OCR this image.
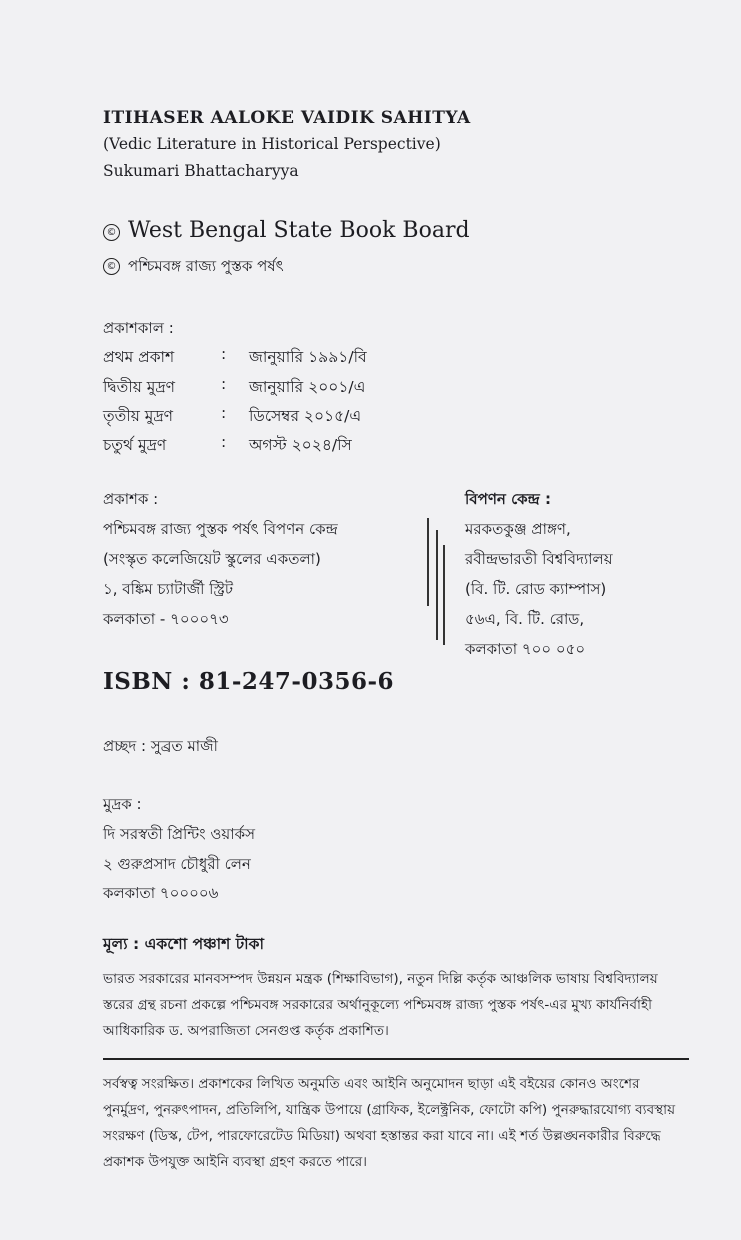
ITIHASER AALOKE VAIDIK SAHITYA
(Vedic Literature in Historical Perspective)
Sukumari Bhattacharyya
© West Bengal State Book Board
© পশ্চিমবঙ্গ রাজ্য পুস্তক পর্ষৎ
প্রকাশকাল :
প্রথম প্রকাশ	: জানুয়ারি ১৯৯১/বি
দ্বিতীয় মুদ্রণ	: জানুয়ারি ২০০১/এ
তৃতীয় মুদ্রণ	: ডিসেম্বর ২০১৫/এ
চতুর্থ মুদ্রণ	: অগস্ট ২০২৪/সি
প্রকাশক :
পশ্চিমবঙ্গ রাজ্য পুস্তক পর্ষৎ বিপণন কেন্দ্র
(সংস্কৃত কলেজিয়েট স্কুলের একতলা)
১, বঙ্কিম চ্যাটার্জী স্ট্রিট
কলকাতা - ৭০০০৭৩
বিপণন কেন্দ্র :
মরকতকুঞ্জ প্রাঙ্গণ,
রবীন্দ্রভারতী বিশ্ববিদ্যালয়
(বি. টি. রোড ক্যাম্পাস)
৫৬এ, বি. টি. রোড,
কলকাতা ৭০০ ০৫০
ISBN : 81-247-0356-6
প্রচ্ছদ : সুব্রত মাজী
মুদ্রক :
দি সরস্বতী প্রিন্টিং ওয়ার্কস
২ গুরুপ্রসাদ চৌধুরী লেন
কলকাতা ৭০০০০৬
মূল্য : একশো পঞ্চাশ টাকা
ভারত সরকারের মানবসম্পদ উন্নয়ন মন্ত্রক (শিক্ষাবিভাগ), নতুন দিল্লি কর্তৃক আঞ্চলিক ভাষায় বিশ্ববিদ্যালয় স্তরের গ্রন্থ রচনা প্রকল্পে পশ্চিমবঙ্গ সরকারের অর্থানুকূল্যে পশ্চিমবঙ্গ রাজ্য পুস্তক পর্ষৎ-এর মুখ্য কার্যনির্বাহী আধিকারিক ড. অপরাজিতা সেনগুপ্ত কর্তৃক প্রকাশিত।
সর্বস্বত্ব সংরক্ষিত। প্রকাশকের লিখিত অনুমতি এবং আইনি অনুমোদন ছাড়া এই বইয়ের কোনও অংশের পুনর্মুদ্রণ, পুনরুৎপাদন, প্রতিলিপি, যান্ত্রিক উপায়ে (গ্রাফিক, ইলেক্ট্রনিক, ফোটো কপি) পুনরুদ্ধারযোগ্য ব্যবস্থায় সংরক্ষণ (ডিস্ক, টেপ, পারফোরেটেড মিডিয়া) অথবা হস্তান্তর করা যাবে না। এই শর্ত উল্লঙ্ঘনকারীর বিরুদ্ধে প্রকাশক উপযুক্ত আইনি ব্যবস্থা গ্রহণ করতে পারে।
